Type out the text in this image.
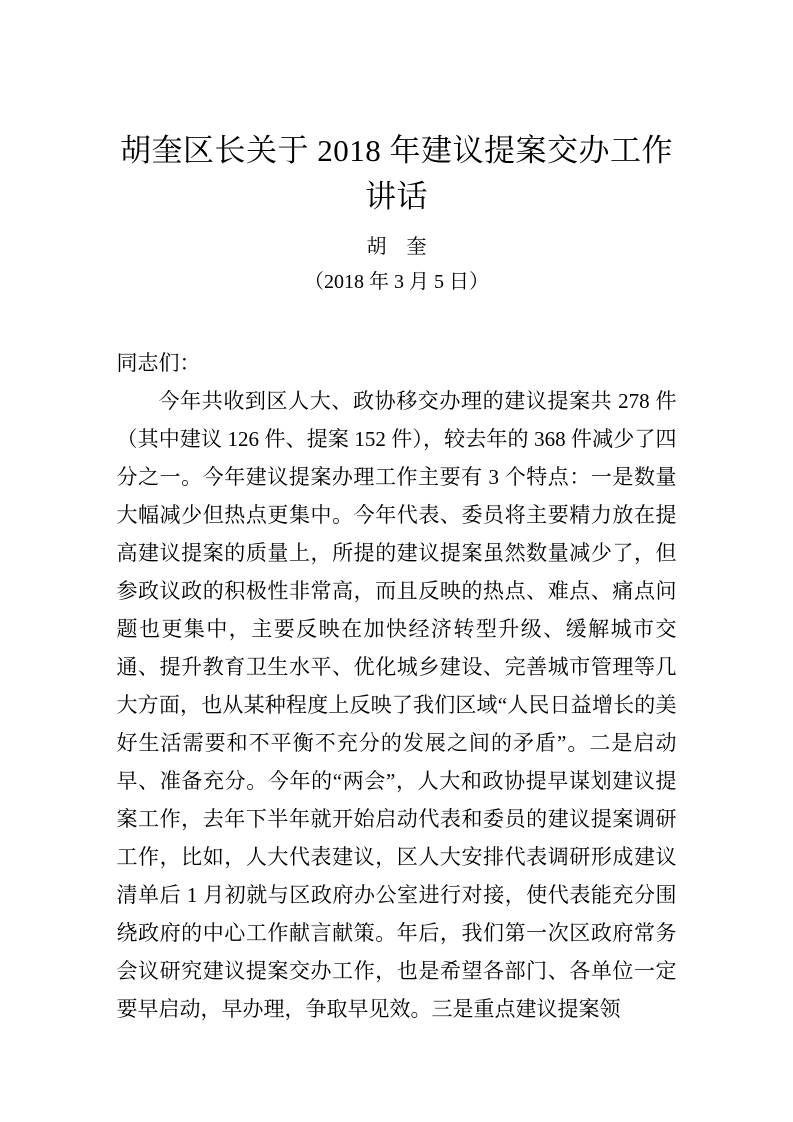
胡奎区长关于 2018 年建议提案交办工作讲话
胡　奎
（2018 年 3 月 5 日）
同志们：
今年共收到区人大、政协移交办理的建议提案共 278 件（其中建议 126 件、提案 152 件），较去年的 368 件减少了四分之一。今年建议提案办理工作主要有 3 个特点：一是数量大幅减少但热点更集中。今年代表、委员将主要精力放在提高建议提案的质量上，所提的建议提案虽然数量减少了，但参政议政的积极性非常高，而且反映的热点、难点、痛点问题也更集中，主要反映在加快经济转型升级、缓解城市交通、提升教育卫生水平、优化城乡建设、完善城市管理等几大方面，也从某种程度上反映了我们区域“人民日益增长的美好生活需要和不平衡不充分的发展之间的矛盾”。二是启动早、准备充分。今年的“两会”，人大和政协提早谋划建议提案工作，去年下半年就开始启动代表和委员的建议提案调研工作，比如，人大代表建议，区人大安排代表调研形成建议清单后 1 月初就与区政府办公室进行对接，使代表能充分围绕政府的中心工作献言献策。年后，我们第一次区政府常务会议研究建议提案交办工作，也是希望各部门、各单位一定要早启动，早办理，争取早见效。三是重点建议提案领
